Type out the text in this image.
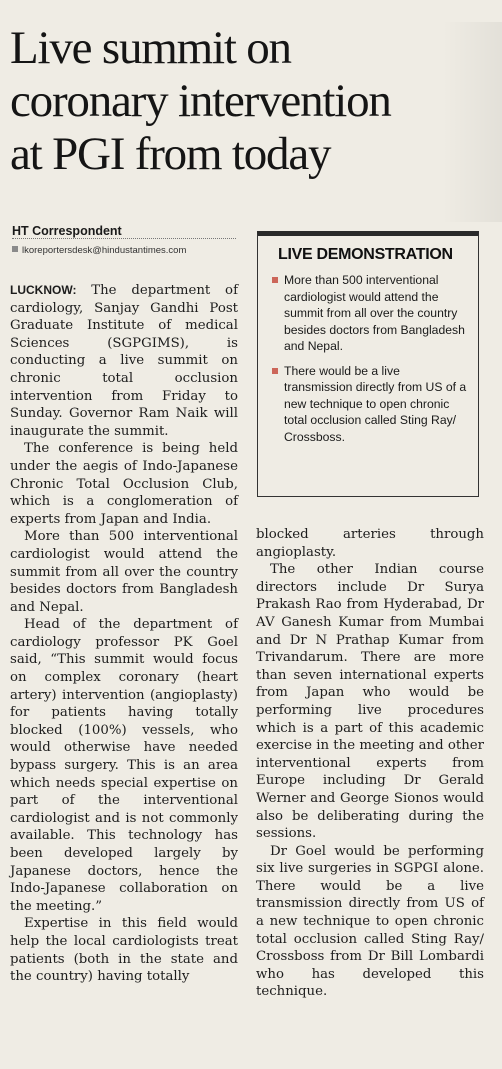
Live summit on
coronary intervention
at PGI from today
HT Correspondent
lkoreportersdesk@hindustantimes.com

LUCKNOW: The department of cardiology, Sanjay Gandhi Post Graduate Institute of medical Sciences (SGPGIMS), is conducting a live summit on chronic total occlusion intervention from Friday to Sunday. Governor Ram Naik will inaugurate the summit.

The conference is being held under the aegis of Indo-Japanese Chronic Total Occlusion Club, which is a conglomeration of experts from Japan and India.

More than 500 interventional cardiologist would attend the summit from all over the country besides doctors from Bangladesh and Nepal.

Head of the department of cardiology professor PK Goel said, “This summit would focus on complex coronary (heart artery) intervention (angioplasty) for patients having totally blocked (100%) vessels, who would otherwise have needed bypass surgery. This is an area which needs special expertise on part of the interventional cardiologist and is not commonly available. This technology has been developed largely by Japanese doctors, hence the Indo-Japanese collaboration on the meeting.”

Expertise in this field would help the local cardiologists treat patients (both in the state and the country) having totally

LIVE DEMONSTRATION
More than 500 interventional cardiologist would attend the summit from all over the country besides doctors from Bangladesh and Nepal.
There would be a live transmission directly from US of a new technique to open chronic total occlusion called Sting Ray/ Crossboss.

blocked arteries through angioplasty.

The other Indian course directors include Dr Surya Prakash Rao from Hyderabad, Dr AV Ganesh Kumar from Mumbai and Dr N Prathap Kumar from Trivandarum. There are more than seven international experts from Japan who would be performing live procedures which is a part of this academic exercise in the meeting and other interventional experts from Europe including Dr Gerald Werner and George Sionos would also be deliberating during the sessions.

Dr Goel would be performing six live surgeries in SGPGI alone. There would be a live transmission directly from US of a new technique to open chronic total occlusion called Sting Ray/ Crossboss from Dr Bill Lombardi who has developed this technique.
